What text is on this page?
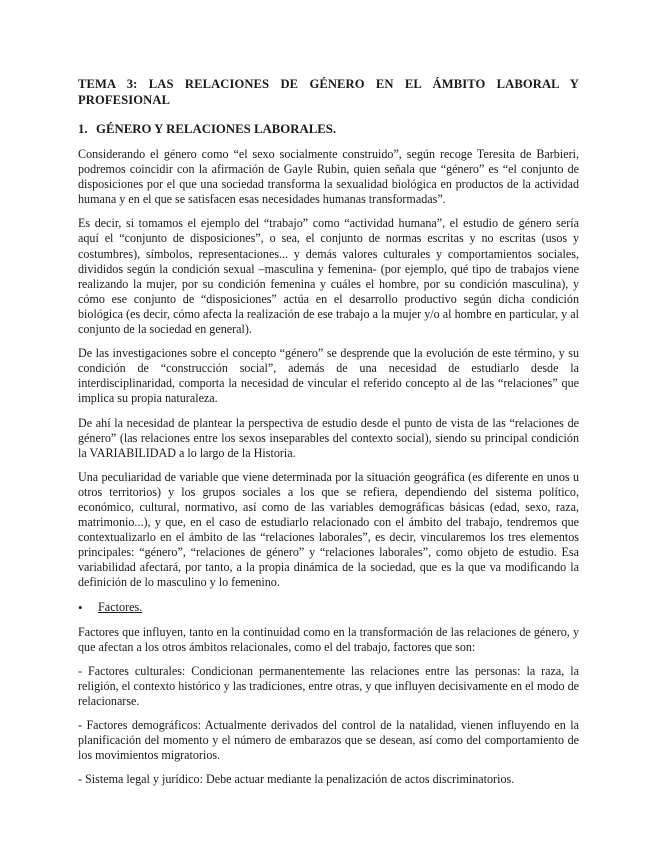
TEMA 3: LAS RELACIONES DE GÉNERO EN EL ÁMBITO LABORAL Y PROFESIONAL
1. GÉNERO Y RELACIONES LABORALES.

Considerando el género como “el sexo socialmente construido”, según recoge Teresita de Barbieri, podremos coincidir con la afirmación de Gayle Rubin, quien señala que “género” es “el conjunto de disposiciones por el que una sociedad transforma la sexualidad biológica en productos de la actividad humana y en el que se satisfacen esas necesidades humanas transformadas”.

Es decir, si tomamos el ejemplo del “trabajo” como “actividad humana”, el estudio de género sería aquí el “conjunto de disposiciones”, o sea, el conjunto de normas escritas y no escritas (usos y costumbres), símbolos, representaciones... y demás valores culturales y comportamientos sociales, divididos según la condición sexual –masculina y femenina- (por ejemplo, qué tipo de trabajos viene realizando la mujer, por su condición femenina y cuáles el hombre, por su condición masculina), y cómo ese conjunto de “disposiciones” actúa en el desarrollo productivo según dicha condición biológica (es decir, cómo afecta la realización de ese trabajo a la mujer y/o al hombre en particular, y al conjunto de la sociedad en general).

De las investigaciones sobre el concepto “género” se desprende que la evolución de este término, y su condición de “construcción social”, además de una necesidad de estudiarlo desde la interdisciplinaridad, comporta la necesidad de vincular el referido concepto al de las “relaciones” que implica su propia naturaleza.

De ahí la necesidad de plantear la perspectiva de estudio desde el punto de vista de las “relaciones de género” (las relaciones entre los sexos inseparables del contexto social), siendo su principal condición la VARIABILIDAD a lo largo de la Historia.

Una peculiaridad de variable que viene determinada por la situación geográfica (es diferente en unos u otros territorios) y los grupos sociales a los que se refiera, dependiendo del sistema político, económico, cultural, normativo, así como de las variables demográficas básicas (edad, sexo, raza, matrimonio...), y que, en el caso de estudiarlo relacionado con el ámbito del trabajo, tendremos que contextualizarlo en el ámbito de las “relaciones laborales”, es decir, vincularemos los tres elementos principales: “género”, “relaciones de género” y “relaciones laborales”, como objeto de estudio. Esa variabilidad afectará, por tanto, a la propia dinámica de la sociedad, que es la que va modificando la definición de lo masculino y lo femenino.

•	Factores.

Factores que influyen, tanto en la continuidad como en la transformación de las relaciones de género, y que afectan a los otros ámbitos relacionales, como el del trabajo, factores que son:

- Factores culturales: Condicionan permanentemente las relaciones entre las personas: la raza, la religión, el contexto histórico y las tradiciones, entre otras, y que influyen decisivamente en el modo de relacionarse.

- Factores demográficos: Actualmente derivados del control de la natalidad, vienen influyendo en la planificación del momento y el número de embarazos que se desean, así como del comportamiento de los movimientos migratorios.

- Sistema legal y jurídico: Debe actuar mediante la penalización de actos discriminatorios.
